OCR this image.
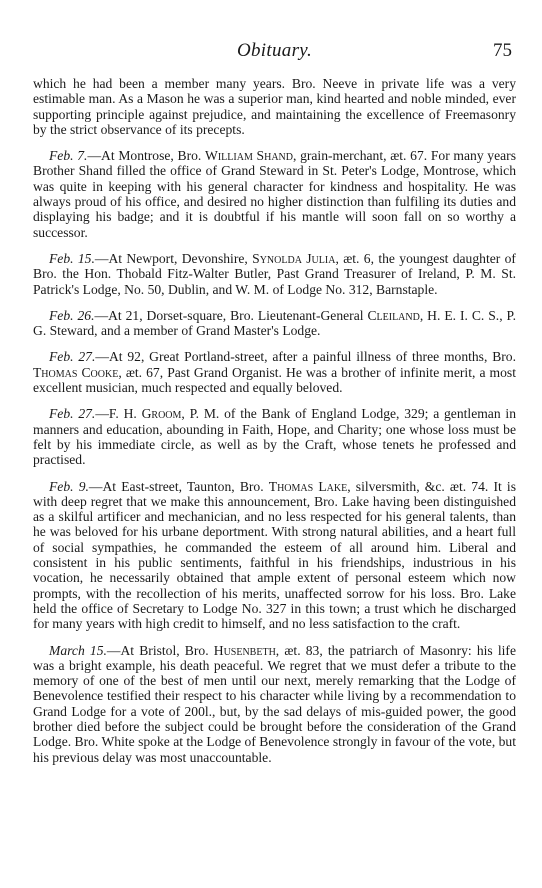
Obituary.	75

which he had been a member many years. Bro. Neeve in private life was a very estimable man. As a Mason he was a superior man, kind hearted and noble minded, ever supporting principle against prejudice, and maintaining the excellence of Freemasonry by the strict observance of its precepts.

Feb. 7.—At Montrose, Bro. William Shand, grain-merchant, æt. 67. For many years Brother Shand filled the office of Grand Steward in St. Peter's Lodge, Montrose, which was quite in keeping with his general character for kindness and hospitality. He was always proud of his office, and desired no higher distinction than fulfiling its duties and displaying his badge; and it is doubtful if his mantle will soon fall on so worthy a successor.

Feb. 15.—At Newport, Devonshire, Synolda Julia, æt. 6, the youngest daughter of Bro. the Hon. Thobald Fitz-Walter Butler, Past Grand Treasurer of Ireland, P. M. St. Patrick's Lodge, No. 50, Dublin, and W. M. of Lodge No. 312, Barnstaple.

Feb. 26.—At 21, Dorset-square, Bro. Lieutenant-General Cleiland, H. E. I. C. S., P. G. Steward, and a member of Grand Master's Lodge.

Feb. 27.—At 92, Great Portland-street, after a painful illness of three months, Bro. Thomas Cooke, æt. 67, Past Grand Organist. He was a brother of infinite merit, a most excellent musician, much respected and equally beloved.

Feb. 27.—F. H. Groom, P. M. of the Bank of England Lodge, 329; a gentleman in manners and education, abounding in Faith, Hope, and Charity; one whose loss must be felt by his immediate circle, as well as by the Craft, whose tenets he professed and practised.

Feb. 9.—At East-street, Taunton, Bro. Thomas Lake, silversmith, &c. æt. 74. It is with deep regret that we make this announcement, Bro. Lake having been distinguished as a skilful artificer and mechanician, and no less respected for his general talents, than he was beloved for his urbane deportment. With strong natural abilities, and a heart full of social sympathies, he commanded the esteem of all around him. Liberal and consistent in his public sentiments, faithful in his friendships, industrious in his vocation, he necessarily obtained that ample extent of personal esteem which now prompts, with the recollection of his merits, unaffected sorrow for his loss. Bro. Lake held the office of Secretary to Lodge No. 327 in this town; a trust which he discharged for many years with high credit to himself, and no less satisfaction to the craft.

March 15.—At Bristol, Bro. Husenbeth, æt. 83, the patriarch of Masonry: his life was a bright example, his death peaceful. We regret that we must defer a tribute to the memory of one of the best of men until our next, merely remarking that the Lodge of Benevolence testified their respect to his character while living by a recommendation to Grand Lodge for a vote of 200l., but, by the sad delays of mis-guided power, the good brother died before the subject could be brought before the consideration of the Grand Lodge. Bro. White spoke at the Lodge of Benevolence strongly in favour of the vote, but his previous delay was most unaccountable.
